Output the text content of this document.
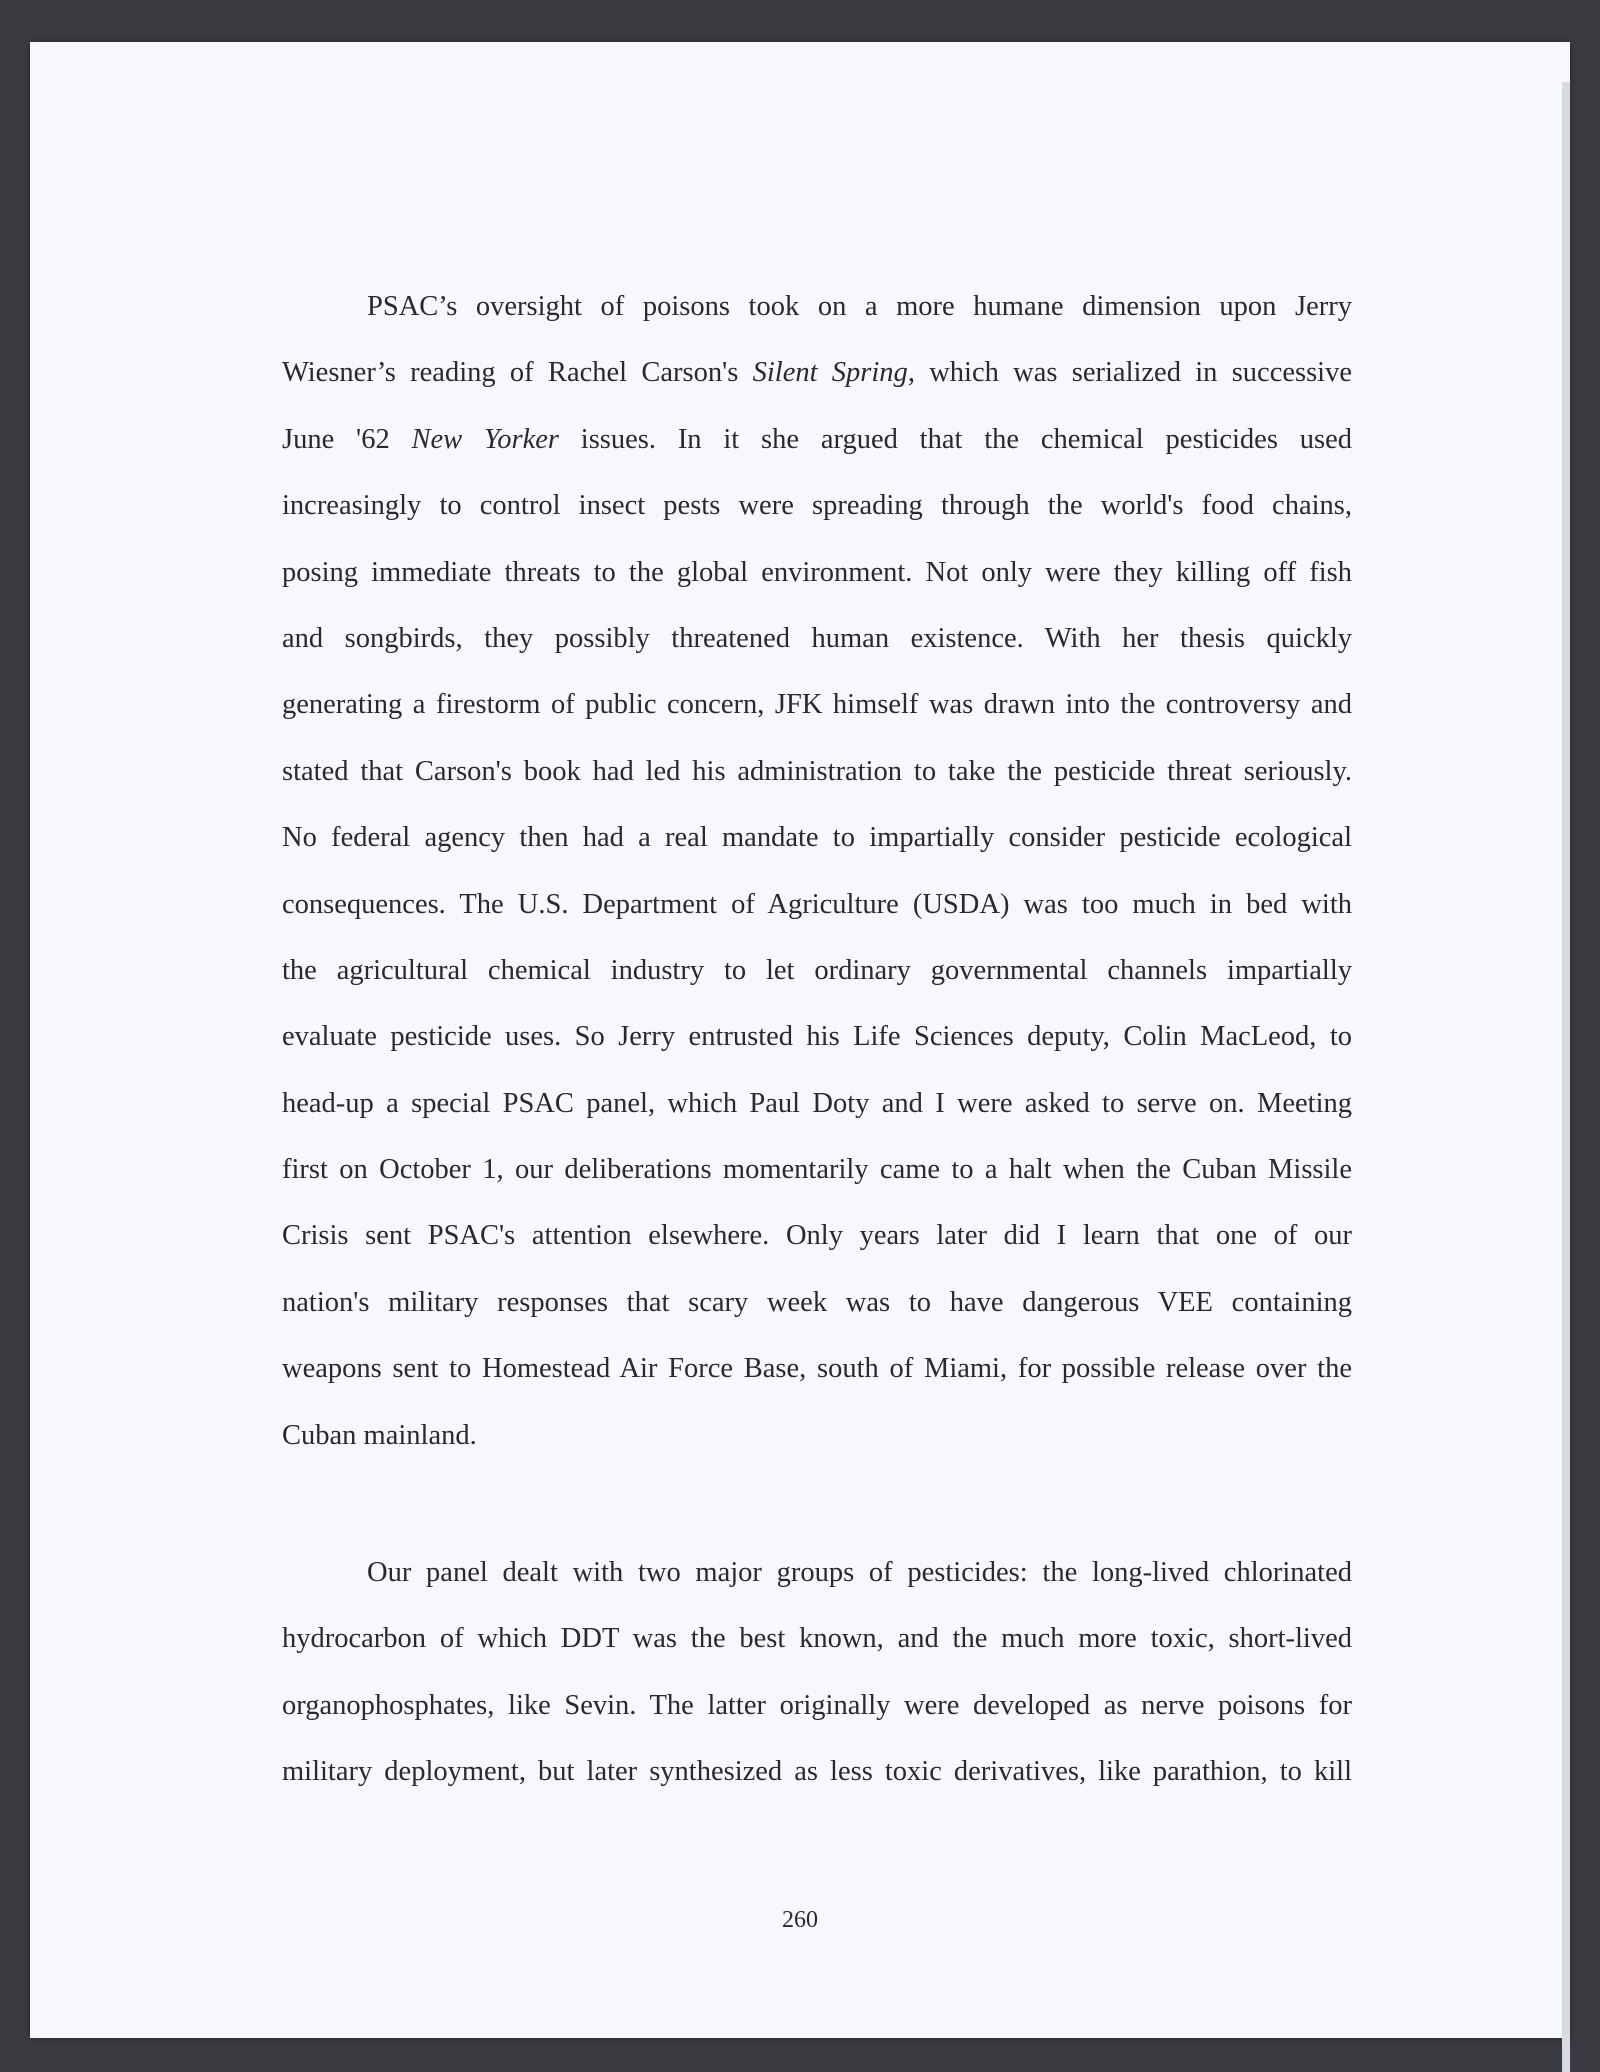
PSAC’s oversight of poisons took on a more humane dimension upon Jerry
Wiesner’s reading of Rachel Carson's Silent Spring, which was serialized in successive
June '62 New Yorker issues. In it she argued that the chemical pesticides used
increasingly to control insect pests were spreading through the world's food chains,
posing immediate threats to the global environment. Not only were they killing off fish
and songbirds, they possibly threatened human existence. With her thesis quickly
generating a firestorm of public concern, JFK himself was drawn into the controversy and
stated that Carson's book had led his administration to take the pesticide threat seriously.
No federal agency then had a real mandate to impartially consider pesticide ecological
consequences. The U.S. Department of Agriculture (USDA) was too much in bed with
the agricultural chemical industry to let ordinary governmental channels impartially
evaluate pesticide uses. So Jerry entrusted his Life Sciences deputy, Colin MacLeod, to
head-up a special PSAC panel, which Paul Doty and I were asked to serve on. Meeting
first on October 1, our deliberations momentarily came to a halt when the Cuban Missile
Crisis sent PSAC's attention elsewhere. Only years later did I learn that one of our
nation's military responses that scary week was to have dangerous VEE containing
weapons sent to Homestead Air Force Base, south of Miami, for possible release over the
Cuban mainland.
Our panel dealt with two major groups of pesticides: the long-lived chlorinated
hydrocarbon of which DDT was the best known, and the much more toxic, short-lived
organophosphates, like Sevin. The latter originally were developed as nerve poisons for
military deployment, but later synthesized as less toxic derivatives, like parathion, to kill
260
